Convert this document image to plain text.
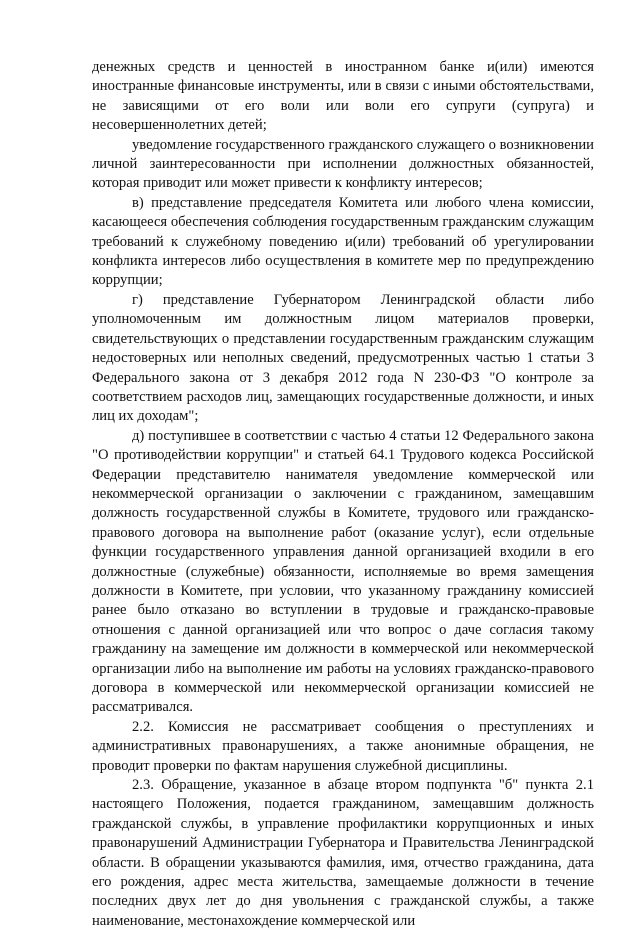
денежных средств и ценностей в иностранном банке и(или) имеются иностранные финансовые инструменты, или в связи с иными обстоятельствами, не зависящими от его воли или воли его супруги (супруга) и несовершеннолетних детей;

уведомление государственного гражданского служащего о возникновении личной заинтересованности при исполнении должностных обязанностей, которая приводит или может привести к конфликту интересов;

в) представление председателя Комитета или любого члена комиссии, касающееся обеспечения соблюдения государственным гражданским служащим требований к служебному поведению и(или) требований об урегулировании конфликта интересов либо осуществления в комитете мер по предупреждению коррупции;

г) представление Губернатором Ленинградской области либо уполномоченным им должностным лицом материалов проверки, свидетельствующих о представлении государственным гражданским служащим недостоверных или неполных сведений, предусмотренных частью 1 статьи 3 Федерального закона от 3 декабря 2012 года N 230-ФЗ "О контроле за соответствием расходов лиц, замещающих государственные должности, и иных лиц их доходам";

д) поступившее в соответствии с частью 4 статьи 12 Федерального закона "О противодействии коррупции" и статьей 64.1 Трудового кодекса Российской Федерации представителю нанимателя уведомление коммерческой или некоммерческой организации о заключении с гражданином, замещавшим должность государственной службы в Комитете, трудового или гражданско-правового договора на выполнение работ (оказание услуг), если отдельные функции государственного управления данной организацией входили в его должностные (служебные) обязанности, исполняемые во время замещения должности в Комитете, при условии, что указанному гражданину комиссией ранее было отказано во вступлении в трудовые и гражданско-правовые отношения с данной организацией или что вопрос о даче согласия такому гражданину на замещение им должности в коммерческой или некоммерческой организации либо на выполнение им работы на условиях гражданско-правового договора в коммерческой или некоммерческой организации комиссией не рассматривался.

2.2. Комиссия не рассматривает сообщения о преступлениях и административных правонарушениях, а также анонимные обращения, не проводит проверки по фактам нарушения служебной дисциплины.

2.3. Обращение, указанное в абзаце втором подпункта "б" пункта 2.1 настоящего Положения, подается гражданином, замещавшим должность гражданской службы, в управление профилактики коррупционных и иных правонарушений Администрации Губернатора и Правительства Ленинградской области. В обращении указываются фамилия, имя, отчество гражданина, дата его рождения, адрес места жительства, замещаемые должности в течение последних двух лет до дня увольнения с гражданской службы, а также наименование, местонахождение коммерческой или
